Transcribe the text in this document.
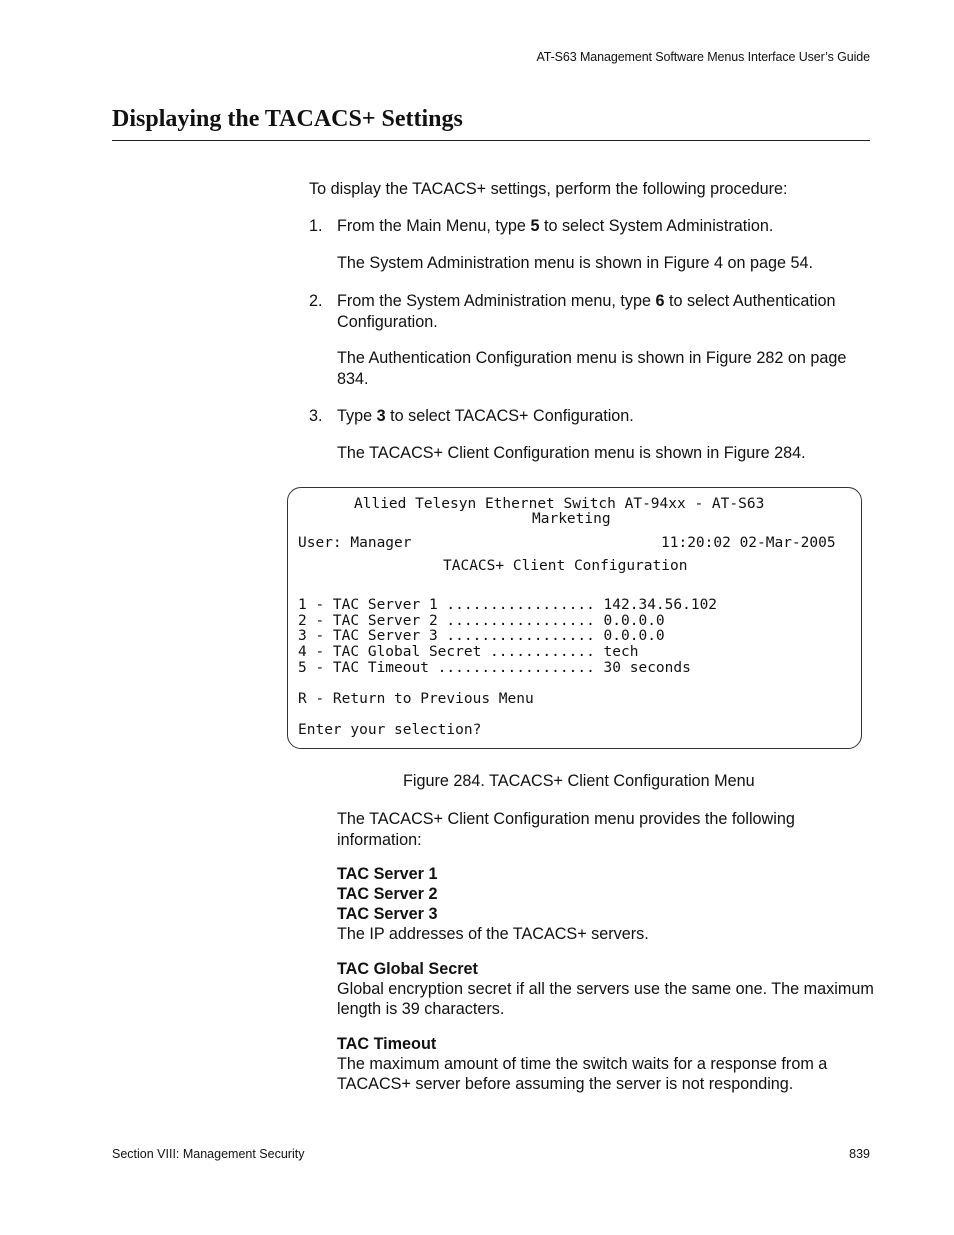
AT-S63 Management Software Menus Interface User’s Guide
Displaying the TACACS+ Settings
To display the TACACS+ settings, perform the following procedure:
1. From the Main Menu, type 5 to select System Administration.
The System Administration menu is shown in Figure 4 on page 54.
2. From the System Administration menu, type 6 to select Authentication Configuration.
The Authentication Configuration menu is shown in Figure 282 on page 834.
3. Type 3 to select TACACS+ Configuration.
The TACACS+ Client Configuration menu is shown in Figure 284.
Allied Telesyn Ethernet Switch AT-94xx - AT-S63
Marketing
User: Manager	11:20:02 02-Mar-2005
TACACS+ Client Configuration
1 - TAC Server 1 ................. 142.34.56.102
2 - TAC Server 2 ................. 0.0.0.0
3 - TAC Server 3 ................. 0.0.0.0
4 - TAC Global Secret ............ tech
5 - TAC Timeout .................. 30 seconds
R - Return to Previous Menu
Enter your selection?
Figure 284. TACACS+ Client Configuration Menu
The TACACS+ Client Configuration menu provides the following information:
TAC Server 1
TAC Server 2
TAC Server 3
The IP addresses of the TACACS+ servers.
TAC Global Secret
Global encryption secret if all the servers use the same one. The maximum length is 39 characters.
TAC Timeout
The maximum amount of time the switch waits for a response from a TACACS+ server before assuming the server is not responding.
Section VIII: Management Security	839
